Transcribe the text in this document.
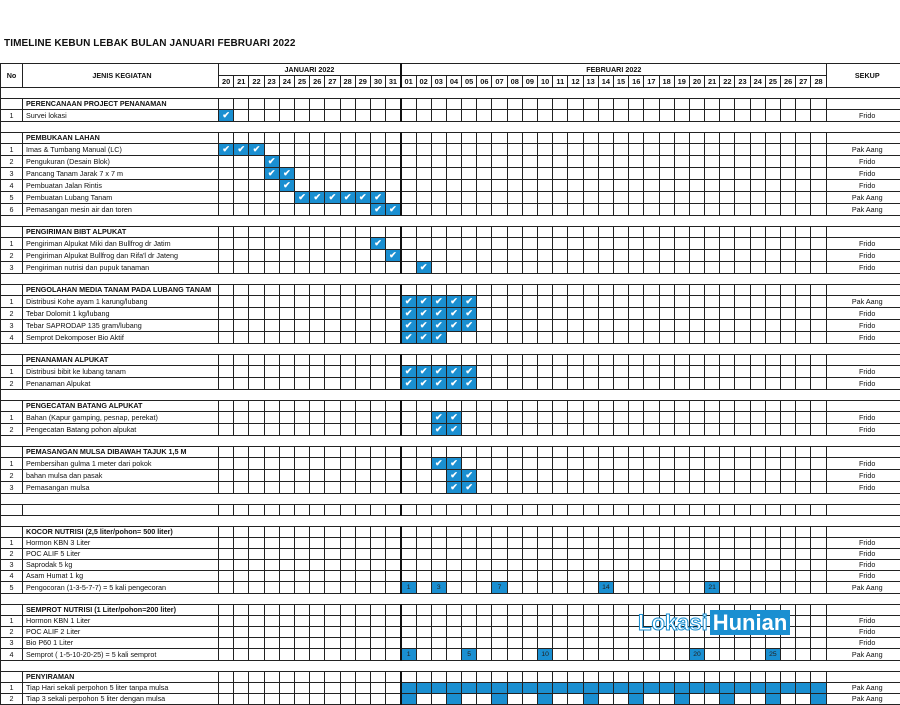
TIMELINE KEBUN LEBAK BULAN JANUARI FEBRUARI 2022
No	JENIS KEGIATAN	JANUARI 2022												FEBRUARI 2022																												SEKUP
		20	21	22	23	24	25	26	27	28	29	30	31	01	02	03	04	05	06	07	08	09	10	11	12	13	14	15	16	17	18	19	20	21	22	23	24	25	26	27	28	

	PERENCANAAN PROJECT PENANAMAN																																									
1	Survei lokasi	✔																																								Frido

	PEMBUKAAN LAHAN																																									
1	Imas & Tumbang Manual (LC)	✔	✔	✔																																						Pak Aang
2	Pengukuran (Desain Blok)				✔																																					Frido
3	Pancang Tanam Jarak 7 x 7 m				✔	✔																																				Frido
4	Pembuatan Jalan Rintis					✔																																				Frido
5	Pembuatan Lubang Tanam						✔	✔	✔	✔	✔	✔																														Pak Aang
6	Pemasangan mesin air dan toren											✔	✔																													Pak Aang

	PENGIRIMAN BIBT ALPUKAT																																									
1	Pengiriman Alpukat Miki dan Bullfrog dr Jatim											✔																														Frido
2	Pengiriman Alpukat Bullfrog dan Rifa'l dr Jateng												✔																													Frido
3	Pengiriman nutrisi dan pupuk tanaman														✔																											Frido

	PENGOLAHAN MEDIA TANAM PADA LUBANG TANAM																																									
1	Distribusi Kohe ayam 1 karung/lubang													✔	✔	✔	✔	✔																								Pak Aang
2	Tebar Dolomit 1 kg/lubang													✔	✔	✔	✔	✔																								Frido
3	Tebar SAPRODAP 135 gram/lubang													✔	✔	✔	✔	✔																								Frido
4	Semprot Dekomposer Bio Aktif													✔	✔	✔																										Frido

	PENANAMAN ALPUKAT																																									
1	Distribusi bibit ke lubang tanam													✔	✔	✔	✔	✔																								Frido
2	Penanaman Alpukat													✔	✔	✔	✔	✔																								Frido

	PENGECATAN BATANG ALPUKAT																																									
1	Bahan (Kapur gamping, pesnap, perekat)															✔	✔																									Frido
2	Pengecatan Batang pohon alpukat															✔	✔																									Frido

	PEMASANGAN MULSA DIBAWAH TAJUK 1,5 M																																									
1	Pembersihan gulma 1 meter dari pokok															✔	✔																									Frido
2	bahan mulsa dan pasak																✔	✔																								Frido
3	Pemasangan mulsa																✔	✔																								Frido

	KOCOR NUTRISI (2,5 liter/pohon= 500 liter)																																									
1	Hormon KBN 3 Liter																																									Frido
2	POC ALIF 5 Liter																																									Frido
3	Saprodak 5 kg																																									Frido
4	Asam Humat 1 kg																																									Frido
5	Pengocoran (1-3-5-7-7) = 5 kali pengecoran													1		3				7							14							21								Pak Aang

	SEMPROT NUTRISI (1 Liter/pohon=200 liter)																																									
1	Hormon KBN 1 Liter																																									Frido
2	POC ALIF 2 Liter																																									Frido
3	Bio P60 1 Liter																																									Frido
4	Semprot ( 1-5-10-20-25) = 5 kali semprot													1				5					10										20					25				Pak Aang

	PENYIRAMAN																																									
1	Tiap Hari sekali perpohon 5 liter tanpa mulsa																																									Pak Aang
2	Tiap 3 sekali perpohon 5 liter dengan mulsa																																									Pak Aang
Lokasi Hunian
